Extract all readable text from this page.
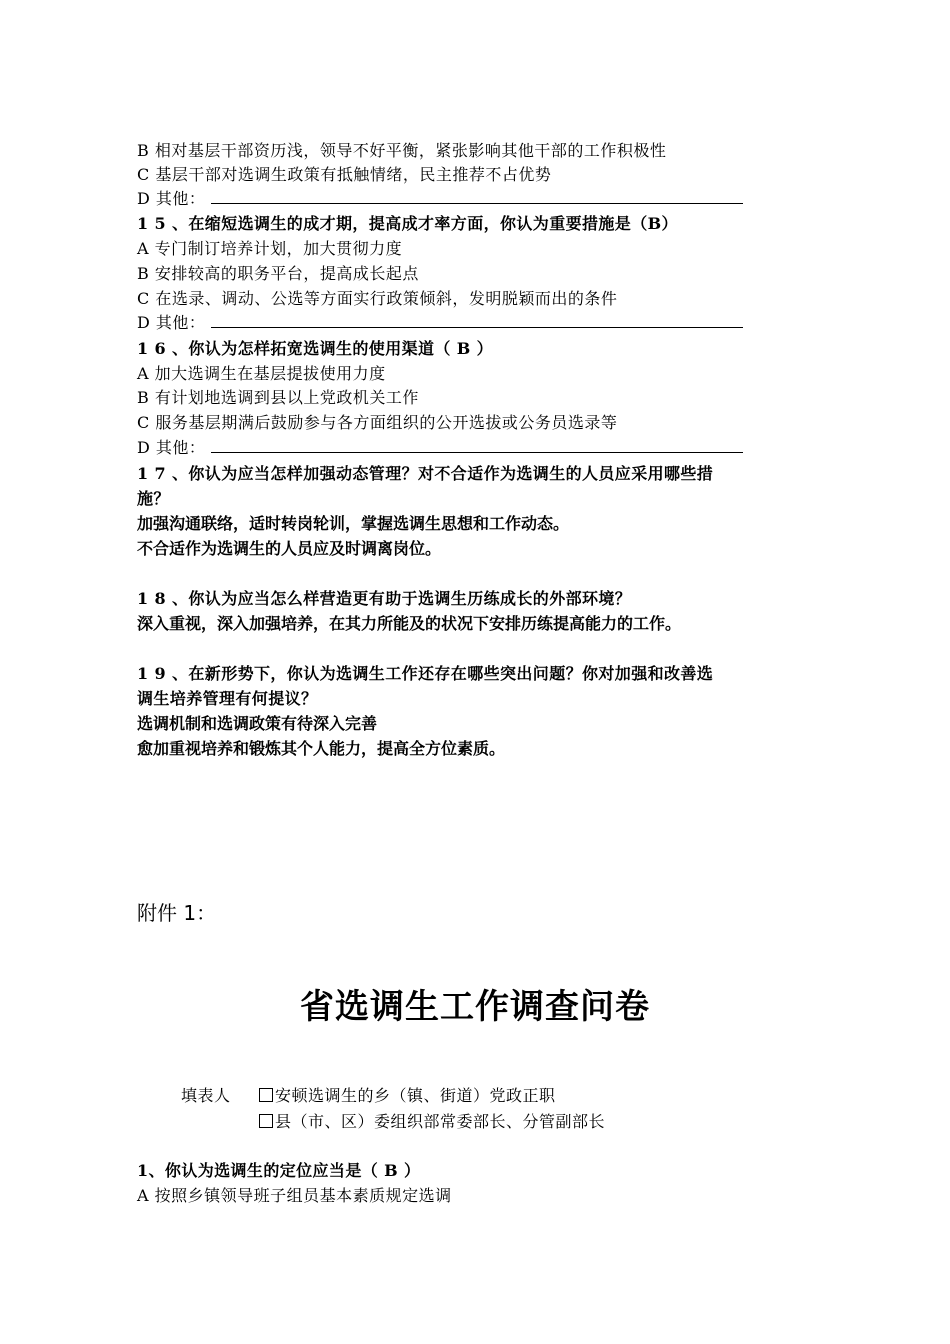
B 相对基层干部资历浅，领导不好平衡，紧张影响其他干部的工作积极性
C 基层干部对选调生政策有抵触情绪，民主推荐不占优势
D 其他：
1 5 、在缩短选调生的成才期，提高成才率方面，你认为重要措施是（B）
A 专门制订培养计划，加大贯彻力度
B 安排较高的职务平台，提高成长起点
C 在选录、调动、公选等方面实行政策倾斜，发明脱颖而出的条件
D 其他：
1 6 、你认为怎样拓宽选调生的使用渠道（ B ）
A 加大选调生在基层提拔使用力度
B 有计划地选调到县以上党政机关工作
C 服务基层期满后鼓励参与各方面组织的公开选拔或公务员选录等
D 其他：
1 7 、你认为应当怎样加强动态管理？对不合适作为选调生的人员应采用哪些措
施？
加强沟通联络，适时转岗轮训，掌握选调生思想和工作动态。
不合适作为选调生的人员应及时调离岗位。
1 8 、你认为应当怎么样营造更有助于选调生历练成长的外部环境？
深入重视，深入加强培养，在其力所能及的状况下安排历练提高能力的工作。
1 9 、在新形势下，你认为选调生工作还存在哪些突出问题？你对加强和改善选
调生培养管理有何提议？
选调机制和选调政策有待深入完善
愈加重视培养和锻炼其个人能力，提高全方位素质。
附件 1：
省选调生工作调查问卷
填表人	安顿选调生的乡（镇、街道）党政正职
县（市、区）委组织部常委部长、分管副部长
1、你认为选调生的定位应当是（ B ）
A 按照乡镇领导班子组员基本素质规定选调
